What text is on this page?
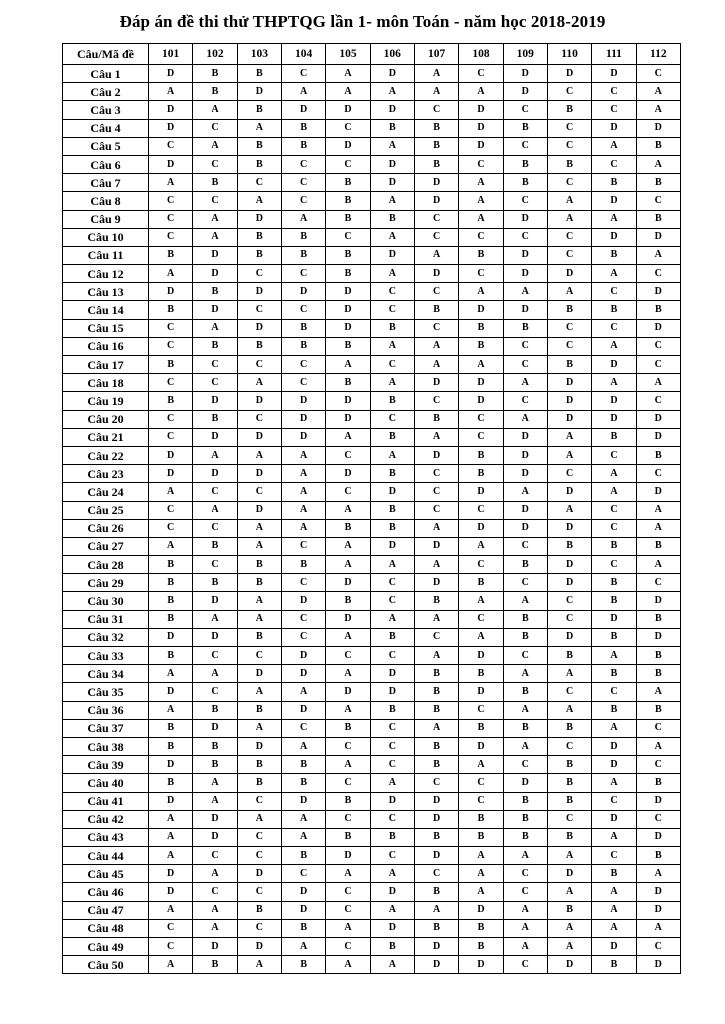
Đáp án đề thi thử THPTQG lần 1- môn Toán - năm học 2018-2019
Câu/Mã đề	101	102	103	104	105	106	107	108	109	110	111	112
Câu 1	D	B	B	C	A	D	A	C	D	D	D	C
Câu 2	A	B	D	A	A	A	A	A	D	C	C	A
Câu 3	D	A	B	D	D	D	C	D	C	B	C	A
Câu 4	D	C	A	B	C	B	B	D	B	C	D	D
Câu 5	C	A	B	B	D	A	B	D	C	C	A	B
Câu 6	D	C	B	C	C	D	B	C	B	B	C	A
Câu 7	A	B	C	C	B	D	D	A	B	C	B	B
Câu 8	C	C	A	C	B	A	D	A	C	A	D	C
Câu 9	C	A	D	A	B	B	C	A	D	A	A	B
Câu 10	C	A	B	B	C	A	C	C	C	C	D	D
Câu 11	B	D	B	B	B	D	A	B	D	C	B	A
Câu 12	A	D	C	C	B	A	D	C	D	D	A	C
Câu 13	D	B	D	D	D	C	C	A	A	A	C	D
Câu 14	B	D	C	C	D	C	B	D	D	B	B	B
Câu 15	C	A	D	B	D	B	C	B	B	C	C	D
Câu 16	C	B	B	B	B	A	A	B	C	C	A	C
Câu 17	B	C	C	C	A	C	A	A	C	B	D	C
Câu 18	C	C	A	C	B	A	D	D	A	D	A	A
Câu 19	B	D	D	D	D	B	C	D	C	D	D	C
Câu 20	C	B	C	D	D	C	B	C	A	D	D	D
Câu 21	C	D	D	D	A	B	A	C	D	A	B	D
Câu 22	D	A	A	A	C	A	D	B	D	A	C	B
Câu 23	D	D	D	A	D	B	C	B	D	C	A	C
Câu 24	A	C	C	A	C	D	C	D	A	D	A	D
Câu 25	C	A	D	A	A	B	C	C	D	A	C	A
Câu 26	C	C	A	A	B	B	A	D	D	D	C	A
Câu 27	A	B	A	C	A	D	D	A	C	B	B	B
Câu 28	B	C	B	B	A	A	A	C	B	D	C	A
Câu 29	B	B	B	C	D	C	D	B	C	D	B	C
Câu 30	B	D	A	D	B	C	B	A	A	C	B	D
Câu 31	B	A	A	C	D	A	A	C	B	C	D	B
Câu 32	D	D	B	C	A	B	C	A	B	D	B	D
Câu 33	B	C	C	D	C	C	A	D	C	B	A	B
Câu 34	A	A	D	D	A	D	B	B	A	A	B	B
Câu 35	D	C	A	A	D	D	B	D	B	C	C	A
Câu 36	A	B	B	D	A	B	B	C	A	A	B	B
Câu 37	B	D	A	C	B	C	A	B	B	B	A	C
Câu 38	B	B	D	A	C	C	B	D	A	C	D	A
Câu 39	D	B	B	B	A	C	B	A	C	B	D	C
Câu 40	B	A	B	B	C	A	C	C	D	B	A	B
Câu 41	D	A	C	D	B	D	D	C	B	B	C	D
Câu 42	A	D	A	A	C	C	D	B	B	C	D	C
Câu 43	A	D	C	A	B	B	B	B	B	B	A	D
Câu 44	A	C	C	B	D	C	D	A	A	A	C	B
Câu 45	D	A	D	C	A	A	C	A	C	D	B	A
Câu 46	D	C	C	D	C	D	B	A	C	A	A	D
Câu 47	A	A	B	D	C	A	A	D	A	B	A	D
Câu 48	C	A	C	B	A	D	B	B	A	A	A	A
Câu 49	C	D	D	A	C	B	D	B	A	A	D	C
Câu 50	A	B	A	B	A	A	D	D	C	D	B	D
